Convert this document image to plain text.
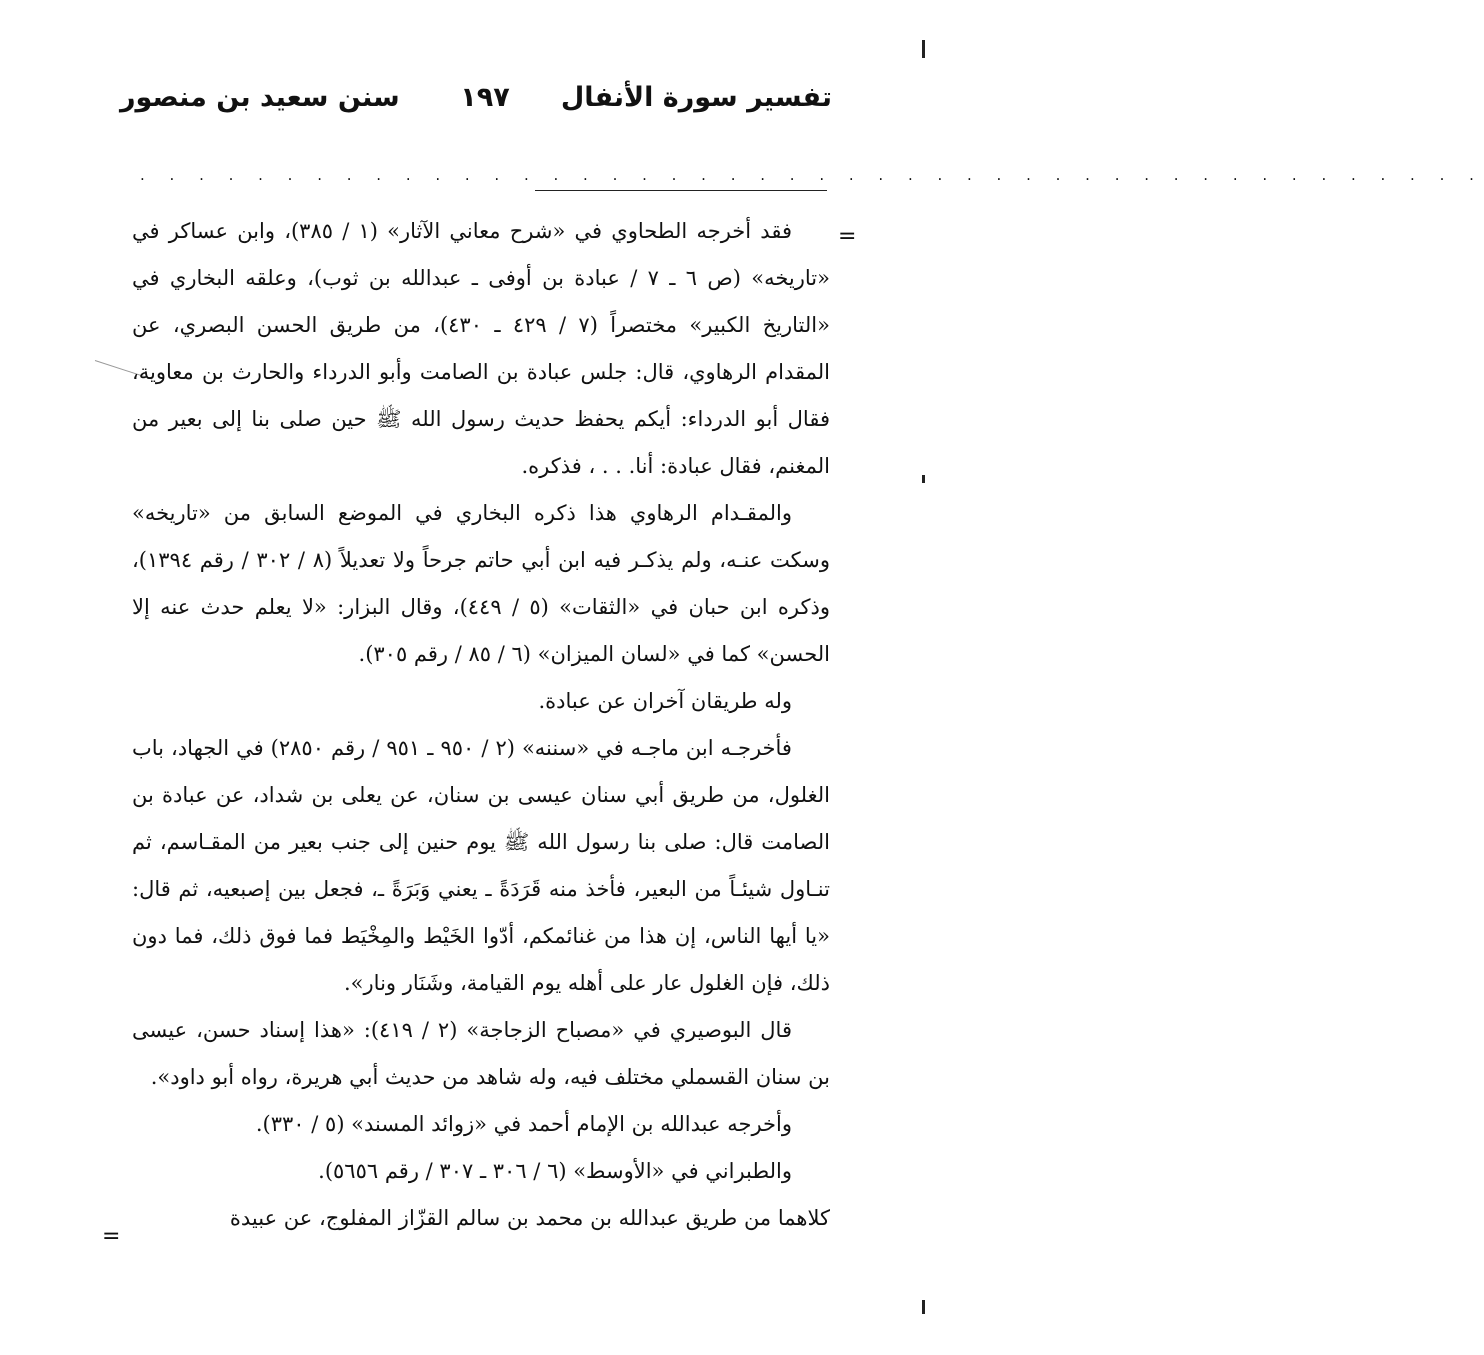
تفسير سورة الأنفال
١٩٧
سنن سعيد بن منصور
. . . . . . . . . . . . . . . . . . . . . . . . . . . . . . . . . . . . . . . . . . . . . .
=

فقد أخرجه الطحاوي في «شرح معاني الآثار» (١ / ٣٨٥)، وابن عساكر في «تاريخه» (ص ٦ ـ ٧ / عبادة بن أوفى ـ عبدالله بن ثوب)، وعلقه البخاري في «التاريخ الكبير» مختصراً (٧ / ٤٢٩ ـ ٤٣٠)، من طريق الحسن البصري، عن المقدام الرهاوي، قال: جلس عبادة بن الصامت وأبو الدرداء والحارث بن معاوية، فقال أبو الدرداء: أيكم يحفظ حديث رسول الله ﷺ حين صلى بنا إلى بعير من المغنم، فقال عبادة: أنا. . . ، فذكره.

والمقـدام الرهاوي هذا ذكره البخاري في الموضع السابق من «تاريخه» وسكت عنـه، ولم يذكـر فيه ابن أبي حاتم جرحاً ولا تعديلاً (٨ / ٣٠٢ / رقم ١٣٩٤)، وذكره ابن حبان في «الثقات» (٥ / ٤٤٩)، وقال البزار: «لا يعلم حدث عنه إلا الحسن» كما في «لسان الميزان» (٦ / ٨٥ / رقم ٣٠٥).

وله طريقان آخران عن عبادة.

فأخرجـه ابن ماجـه في «سننه» (٢ / ٩٥٠ ـ ٩٥١ / رقم ٢٨٥٠) في الجهاد، باب الغلول، من طريق أبي سنان عيسى بن سنان، عن يعلى بن شداد، عن عبادة بن الصامت قال: صلى بنا رسول الله ﷺ يوم حنين إلى جنب بعير من المقـاسم، ثم تنـاول شيئـاً من البعير، فأخذ منه قَرَدَةً ـ يعني وَبَرَةً ـ، فجعل بين إصبعيه، ثم قال: «يا أيها الناس، إن هذا من غنائمكم، أدّوا الخَيْط والمِخْيَط فما فوق ذلك، فما دون ذلك، فإن الغلول عار على أهله يوم القيامة، وشَنَار ونار».

قال البوصيري في «مصباح الزجاجة» (٢ / ٤١٩): «هذا إسناد حسن، عيسى بن سنان القسملي مختلف فيه، وله شاهد من حديث أبي هريرة، رواه أبو داود».

وأخرجه عبدالله بن الإمام أحمد في «زوائد المسند» (٥ / ٣٣٠).

والطبراني في «الأوسط» (٦ / ٣٠٦ ـ ٣٠٧ / رقم ٥٦٥٦).

كلاهما من طريق عبدالله بن محمد بن سالم القزّاز المفلوج، عن عبيدة

=
